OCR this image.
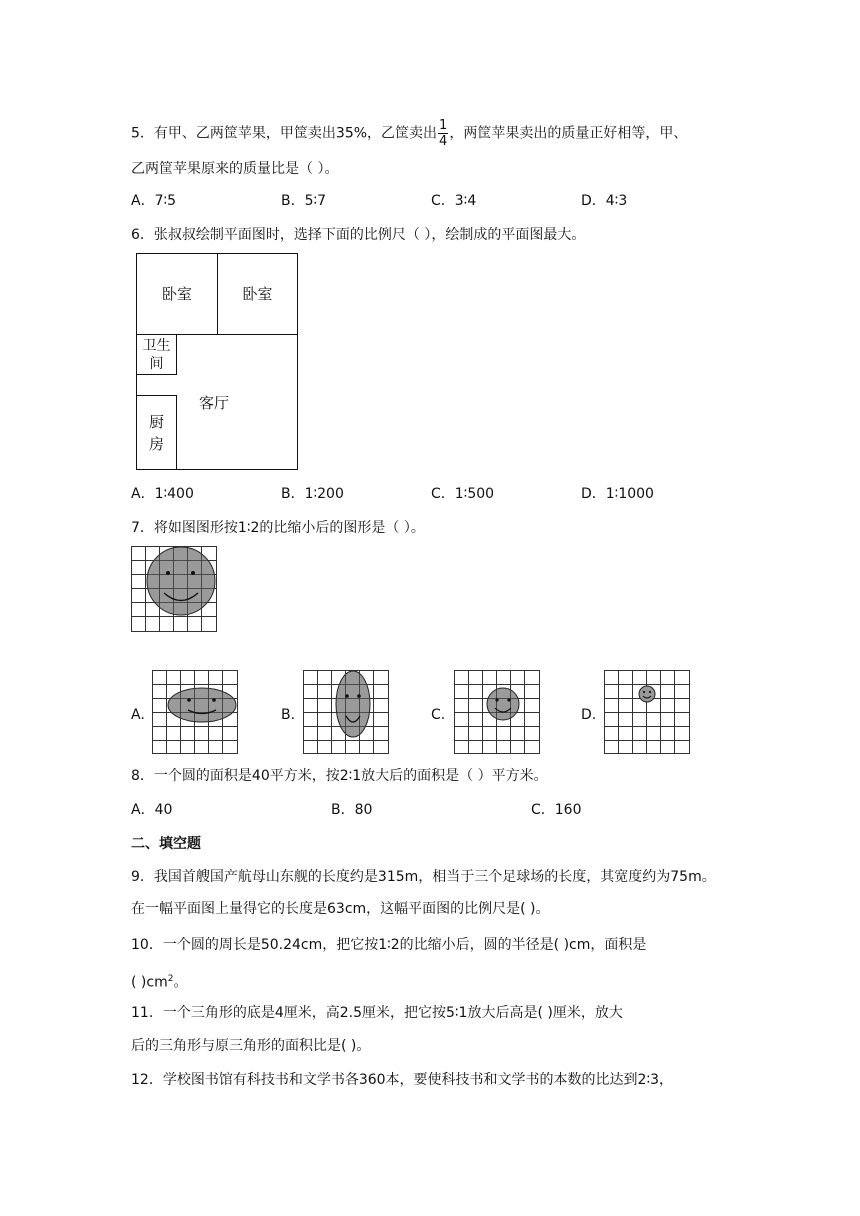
5．有甲、乙两筐苹果，甲筐卖出35%，乙筐卖出 $\frac{1}{4}$ ，两筐苹果卖出的质量正好相等，甲、
乙两筐苹果原来的质量比是（ ）。
A．7∶5	B．5∶7	C．3∶4	D．4∶3
6．张叔叔绘制平面图时，选择下面的比例尺（ ），绘制成的平面图最大。
卧室	卧室
卫生
间
厨
房
客厅
A．1∶400	B．1∶200	C．1∶500	D．1∶1000
7．将如图图形按1∶2的比缩小后的图形是（ ）。
A.	B.	C.	D.
8．一个圆的面积是40平方米，按2∶1放大后的面积是（ ）平方米。
A．40	B．80	C．160
二、填空题
9．我国首艘国产航母山东舰的长度约是315m，相当于三个足球场的长度，其宽度约为75m。
在一幅平面图上量得它的长度是63cm，这幅平面图的比例尺是( )。
10．一个圆的周长是50.24cm，把它按1∶2的比缩小后，圆的半径是( )cm，面积是
( )$cm^2$。
11．一个三角形的底是4厘米，高2.5厘米，把它按5∶1放大后高是( )厘米，放大
后的三角形与原三角形的面积比是( )。
12．学校图书馆有科技书和文学书各360本，要使科技书和文学书的本数的比达到2∶3，
